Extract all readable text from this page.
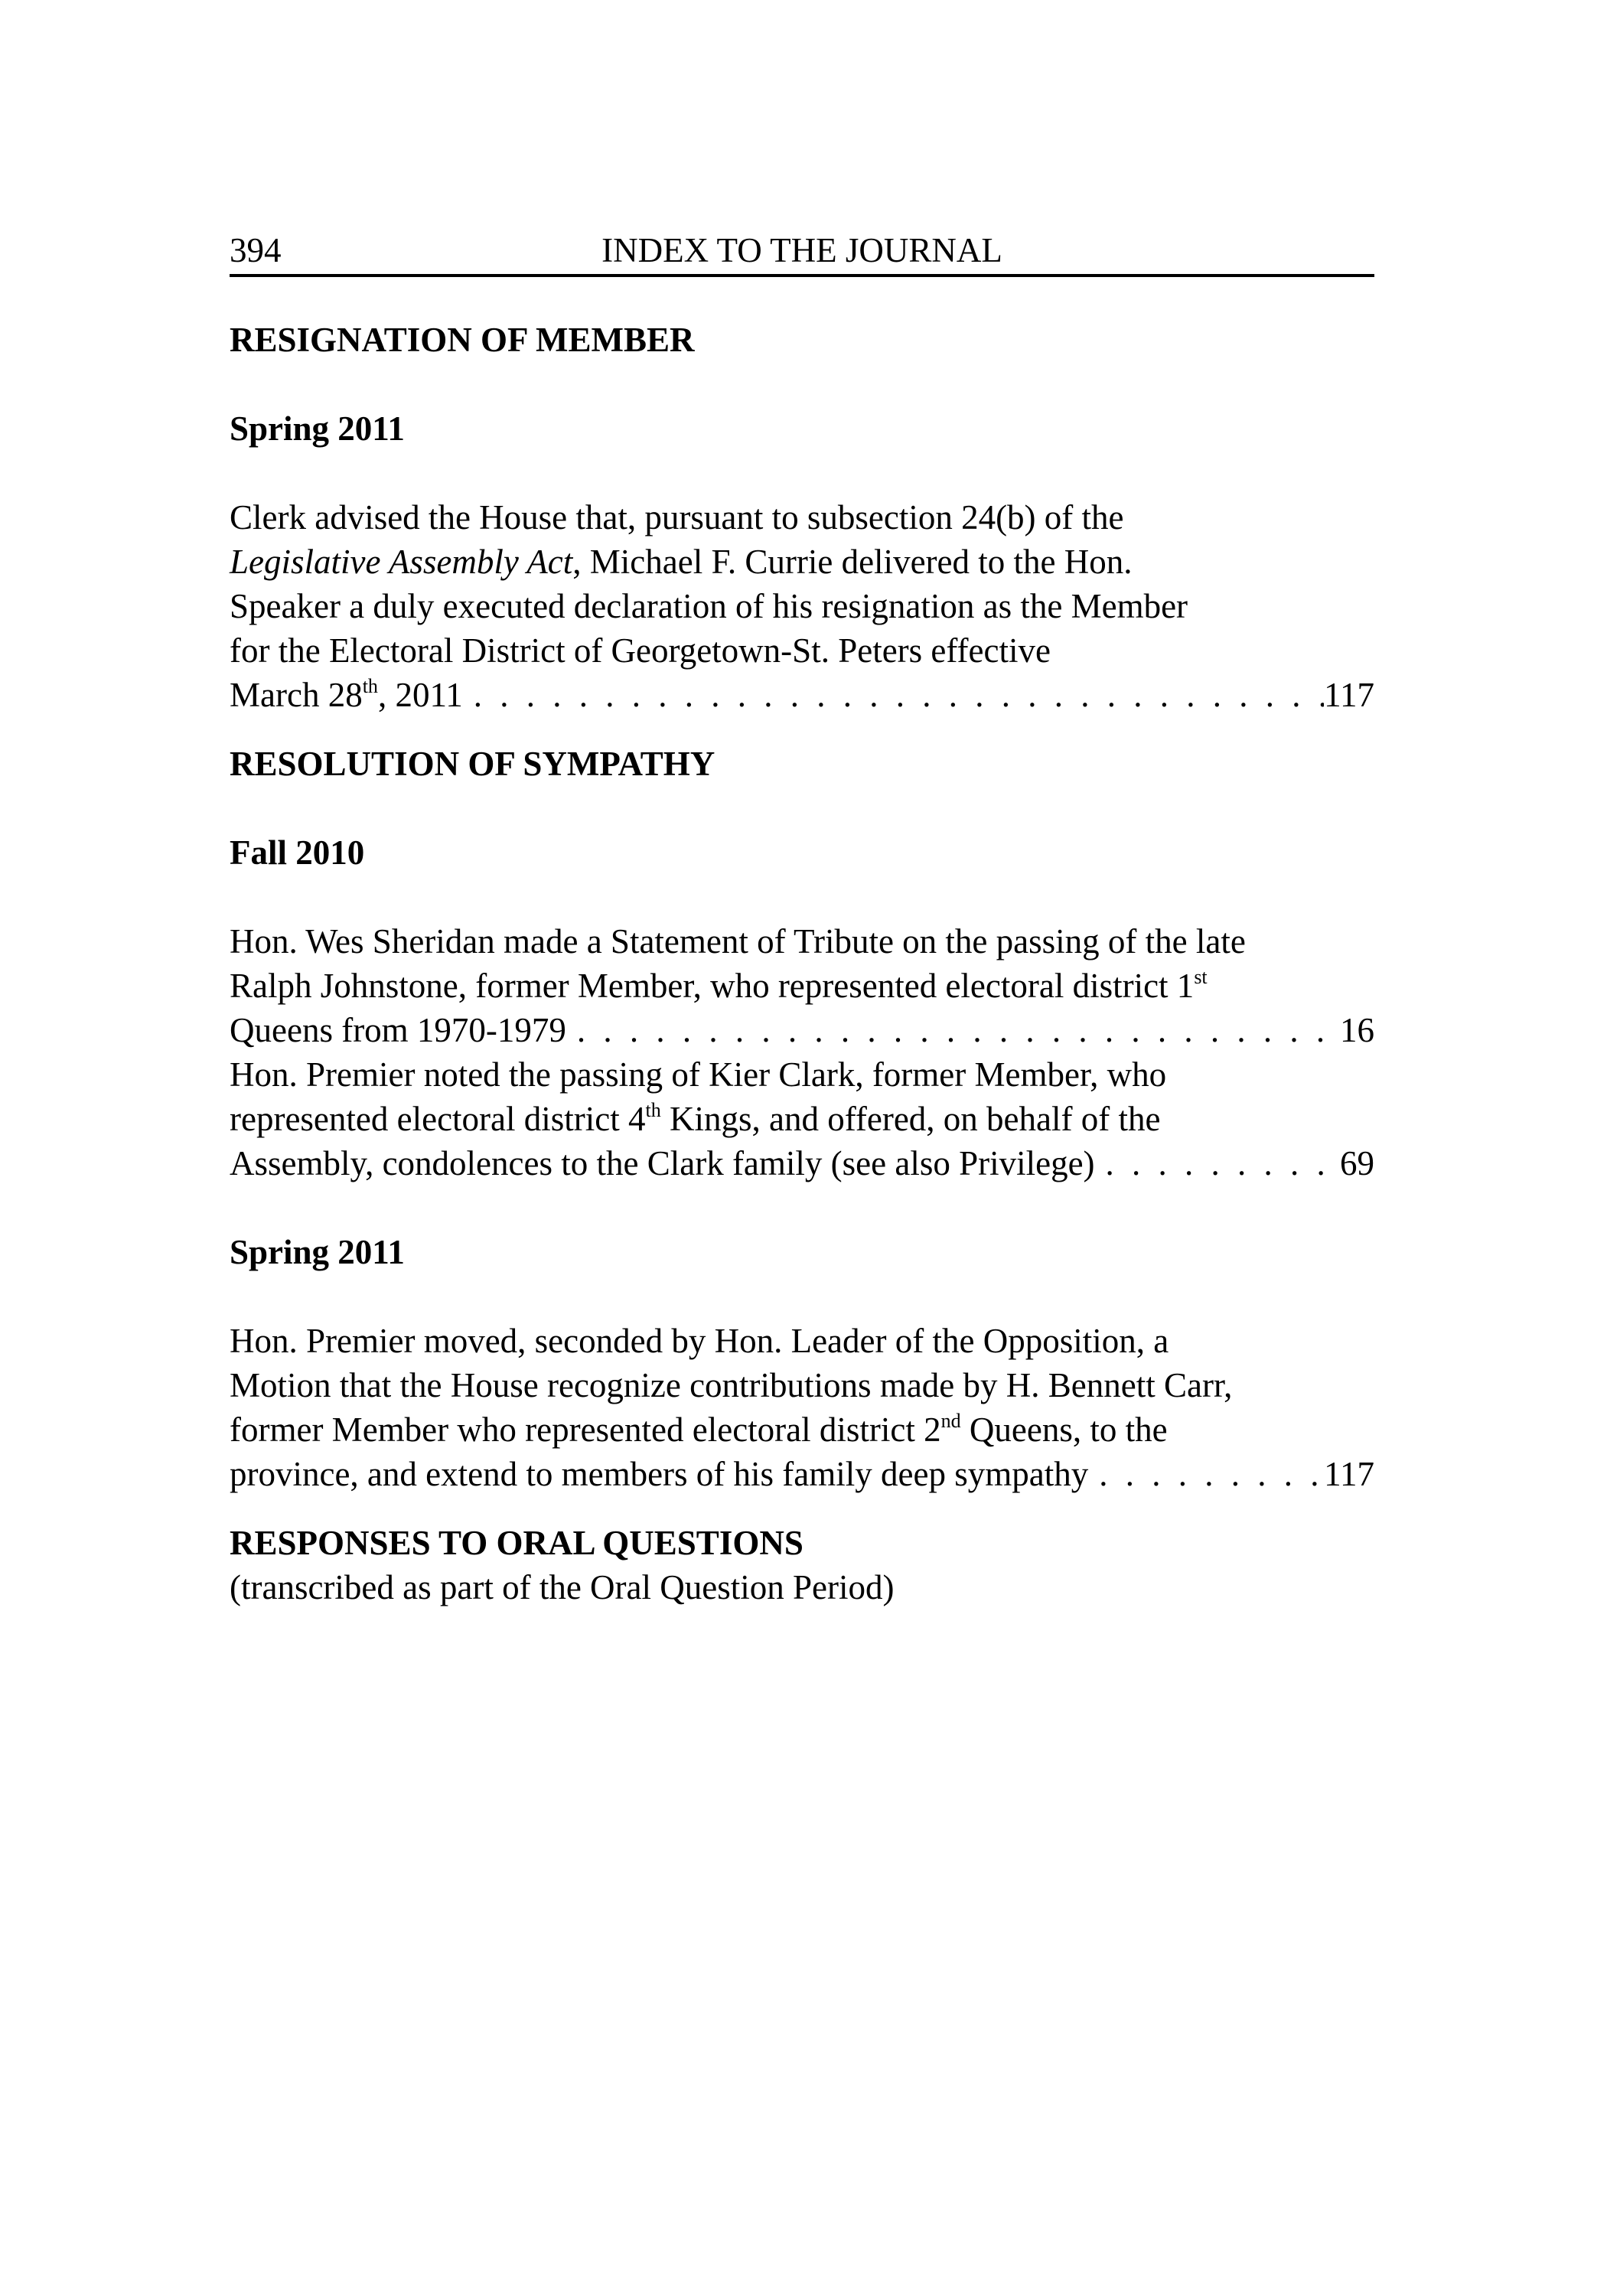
394	INDEX TO THE JOURNAL
RESIGNATION OF MEMBER
Spring 2011
Clerk advised the House that, pursuant to subsection 24(b) of the
Legislative Assembly Act, Michael F. Currie delivered to the Hon.
Speaker a duly executed declaration of his resignation as the Member
for the Electoral District of Georgetown-St. Peters effective
March 28th, 2011 . . .	117
RESOLUTION OF SYMPATHY
Fall 2010
Hon. Wes Sheridan made a Statement of Tribute on the passing of the late
Ralph Johnstone, former Member, who represented electoral district 1st
Queens from 1970-1979 . . .	16
Hon. Premier noted the passing of Kier Clark, former Member, who
represented electoral district 4th Kings, and offered, on behalf of the
Assembly, condolences to the Clark family (see also Privilege) . . .	69
Spring 2011
Hon. Premier moved, seconded by Hon. Leader of the Opposition, a
Motion that the House recognize contributions made by H. Bennett Carr,
former Member who represented electoral district 2nd Queens, to the
province, and extend to members of his family deep sympathy . . .	117
RESPONSES TO ORAL QUESTIONS

(transcribed as part of the Oral Question Period)
